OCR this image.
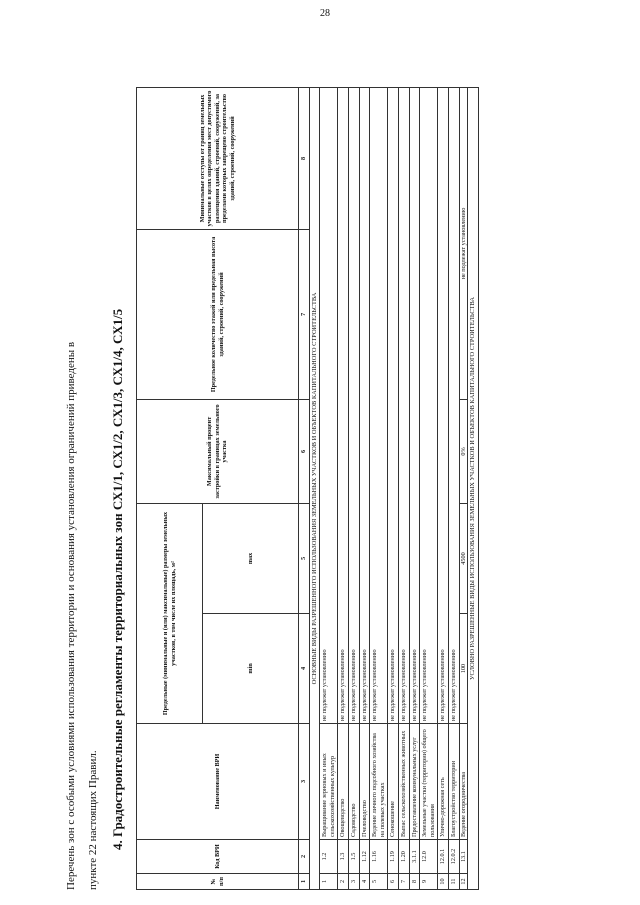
28

Перечень зон с особыми условиями использования территории и основания установления ограничений приведены в пункте 22 настоящих Правил. 4. Градостроительные регламенты территориальных зон СХ1/1, СХ1/2, СХ1/3, СХ1/4, СХ1/5
№ п/п	Код ВРИ	Наименование ВРИ	Предельные (минимальные и (или) максимальные) размеры земельных участков, в том числе их площадь, м²		Максимальный процент застройки в границах земельного участка	Предельное количество этажей или предельная высота зданий, строений, сооружений	Минимальные отступы от границ земельных участков в целях определения мест допустимого размещения зданий, строений, сооружений, за пределами которых запрещено строительство зданий, строений, сооружений
			min	max			
1	2	3	4	5	6	7	8
ОСНОВНЫЕ ВИДЫ РАЗРЕШЕННОГО ИСПОЛЬЗОВАНИЯ ЗЕМЕЛЬНЫХ УЧАСТКОВ И ОБЪЕКТОВ КАПИТАЛЬНОГО СТРОИТЕЛЬСТВА							
1	1.2	Выращивание зерновых и иных сельскохозяйственных культур	не подлежат установлению				
2	1.3	Овощеводство	не подлежат установлению				
3	1.5	Садоводство	не подлежат установлению				
4	1.12	Пчеловодство	не подлежат установлению				
5	1.16	Ведение личного подсобного хозяйства на полевых участках	не подлежат установлению				
6	1.19	Сенокошение	не подлежат установлению				
7	1.20	Выпас сельскохозяйственных животных	не подлежат установлению				
8	3.1.1	Предоставление коммунальных услуг	не подлежат установлению				
9	12.0	Земельные участки (территории) общего пользования	не подлежат установлению				
10	12.0.1	Улично-дорожная сеть	не подлежат установлению				
11	12.0.2	Благоустройство территории	не подлежат установлению				
12	13.1	Ведение огородничества	100	4500	0%	не подлежат установлению	
УСЛОВНО РАЗРЕШЕННЫЕ ВИДЫ ИСПОЛЬЗОВАНИЯ ЗЕМЕЛЬНЫХ УЧАСТКОВ И ОБЪЕКТОВ КАПИТАЛЬНОГО СТРОИТЕЛЬСТВА							
